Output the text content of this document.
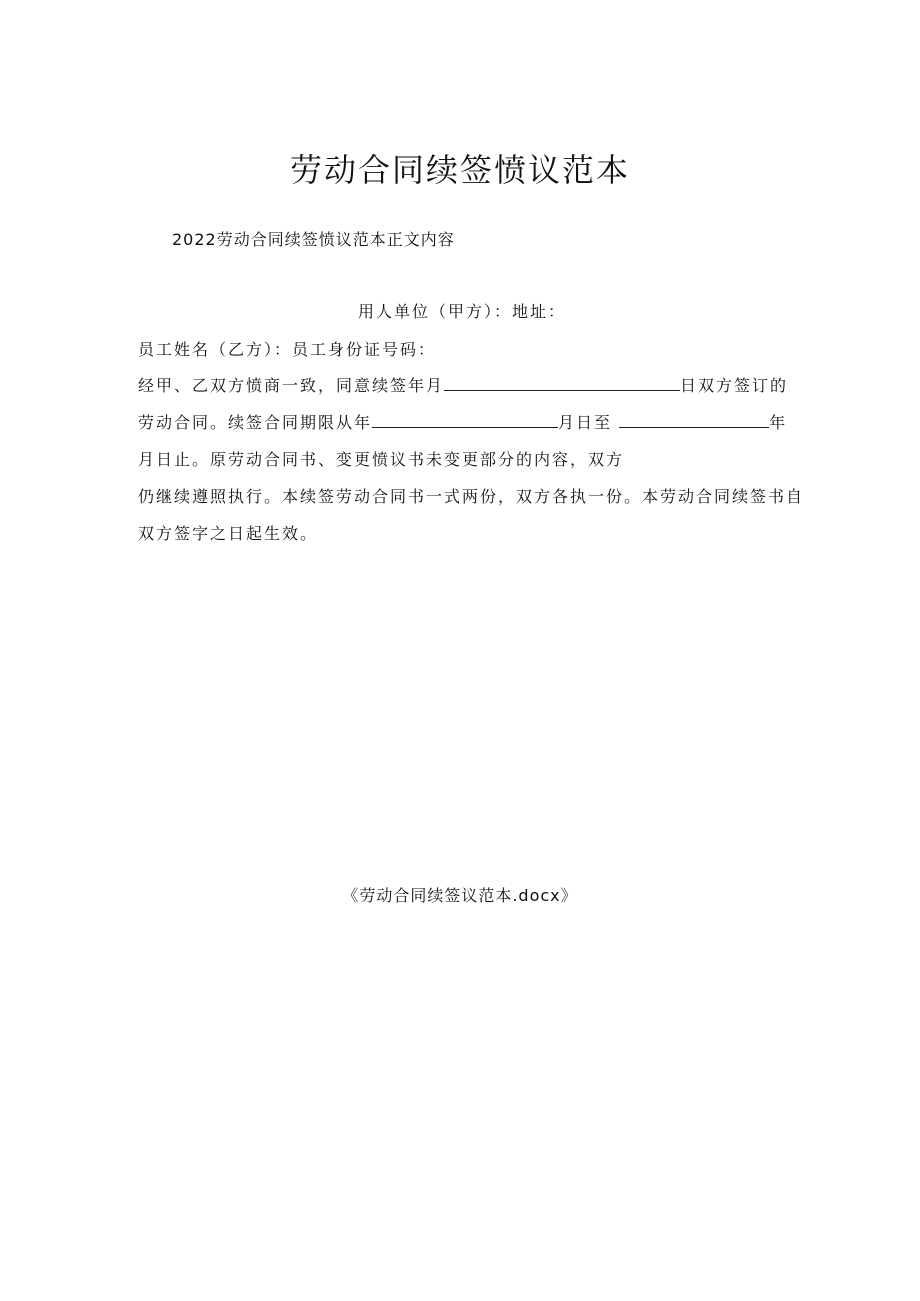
劳动合同续签愤议范本
2022劳动合同续签愤议范本正文内容
用人单位（甲方）：地址：
员工姓名（乙方）：员工身份证号码：
经甲、乙双方愤商一致，同意续签年月	日双方签订的
劳动合同。续签合同期限从年	月日至	年
月日止。原劳动合同书、变更愤议书未变更部分的内容，双方
仍继续遵照执行。本续签劳动合同书一式两份，双方各执一份。本劳动合同续签书自
双方签字之日起生效。
《劳动合同续签议范本.docx》
